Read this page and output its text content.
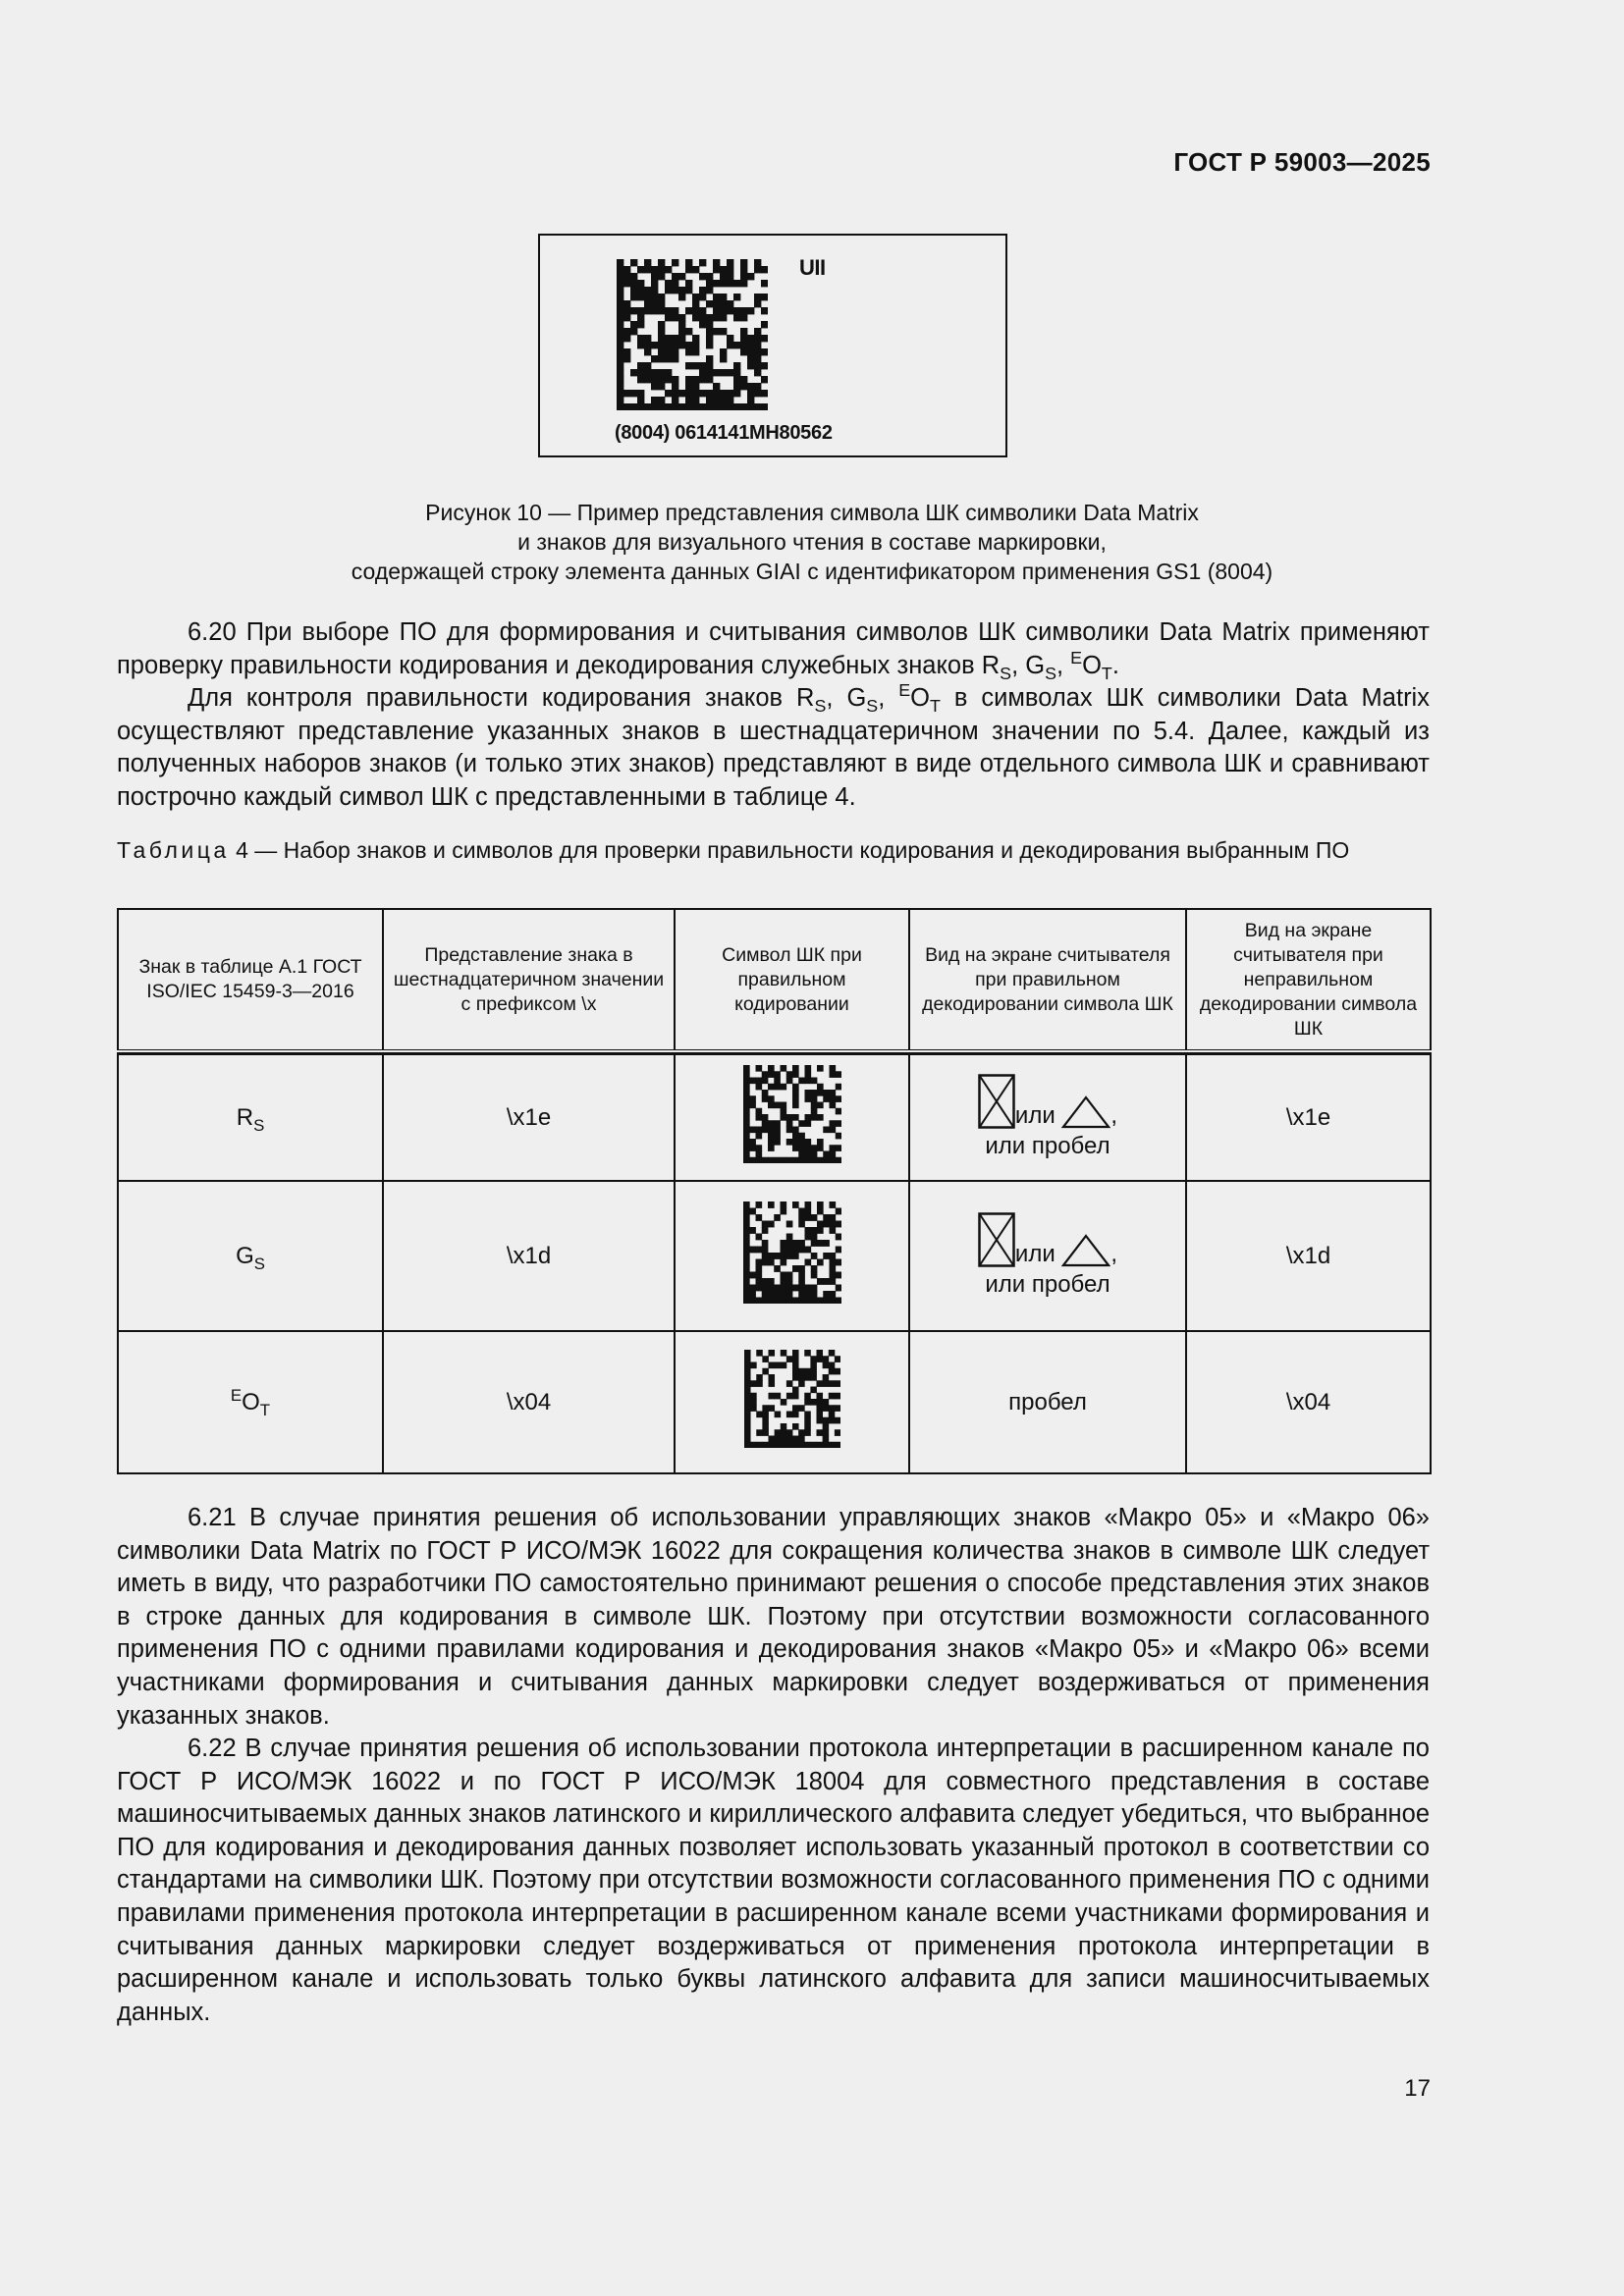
ГОСТ Р 59003—2025
UII
(8004) 0614141MH80562
Рисунок 10 — Пример представления символа ШК символики Data Matrix
и знаков для визуального чтения в составе маркировки,
содержащей строку элемента данных GIAI с идентификатором применения GS1 (8004)

6.20 При выборе ПО для формирования и считывания символов ШК символики Data Matrix применяют проверку правильности кодирования и декодирования служебных знаков $R_S$, $G_S$, $^EO_T$.

Для контроля правильности кодирования знаков $R_S$, $G_S$, $^EO_T$ в символах ШК символики Data Matrix осуществляют представление указанных знаков в шестнадцатеричном значении по 5.4. Далее, каждый из полученных наборов знаков (и только этих знаков) представляют в виде отдельного символа ШК и сравнивают построчно каждый символ ШК с представленными в таблице 4.

Таблица 4 — Набор знаков и символов для проверки правильности кодирования и декодирования выбранным ПО
Знак в таблице А.1 ГОСТ ISO/IEC 15459-3—2016	Представление знака в шестнадцатеричном значении с префиксом \x	Символ ШК при правильном кодировании	Вид на экране считывателя при правильном декодировании символа ШК	Вид на экране считывателя при неправильном декодировании символа ШК

$R_S$	\x1e		или ,
или пробел	\x1e
$G_S$	\x1d		или ,
или пробел	\x1d
$^EO_T$	\x04		пробел	\x04

6.21 В случае принятия решения об использовании управляющих знаков «Макро 05» и «Макро 06» символики Data Matrix по ГОСТ Р ИСО/МЭК 16022 для сокращения количества знаков в символе ШК следует иметь в виду, что разработчики ПО самостоятельно принимают решения о способе представления этих знаков в строке данных для кодирования в символе ШК. Поэтому при отсутствии возможности согласованного применения ПО с одними правилами кодирования и декодирования знаков «Макро 05» и «Макро 06» всеми участниками формирования и считывания данных маркировки следует воздерживаться от применения указанных знаков.

6.22 В случае принятия решения об использовании протокола интерпретации в расширенном канале по ГОСТ Р ИСО/МЭК 16022 и по ГОСТ Р ИСО/МЭК 18004 для совместного представления в составе машиносчитываемых данных знаков латинского и кириллического алфавита следует убедиться, что выбранное ПО для кодирования и декодирования данных позволяет использовать указанный протокол в соответствии со стандартами на символики ШК. Поэтому при отсутствии возможности согласованного применения ПО с одними правилами применения протокола интерпретации в расширенном канале всеми участниками формирования и считывания данных маркировки следует воздерживаться от применения протокола интерпретации в расширенном канале и использовать только буквы латинского алфавита для записи машиносчитываемых данных.

17
